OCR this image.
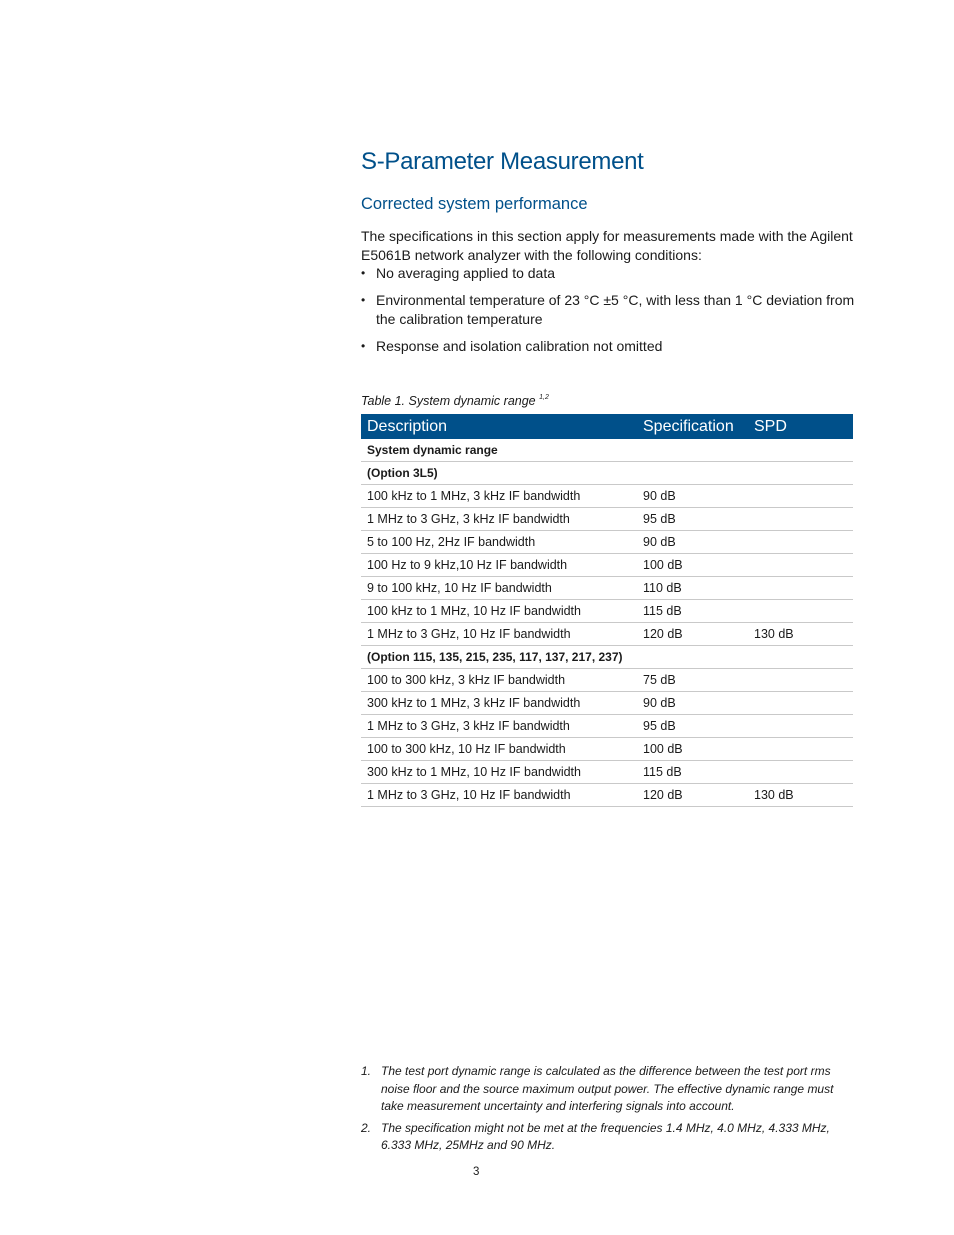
S-Parameter Measurement
Corrected system performance

The specifications in this section apply for measurements made with the Agilent E5061B network analyzer with the following conditions:

• No averaging applied to data
• Environmental temperature of 23 °C ±5 °C, with less than 1 °C deviation from the calibration temperature
• Response and isolation calibration not omitted

Table 1. System dynamic range $^{1,2}$

Description	Specification	SPD
System dynamic range		
(Option 3L5)		
100 kHz to 1 MHz, 3 kHz IF bandwidth	90 dB	
1 MHz to 3 GHz, 3 kHz IF bandwidth	95 dB	
5 to 100 Hz, 2Hz IF bandwidth	90 dB	
100 Hz to 9 kHz,10 Hz IF bandwidth	100 dB	
9 to 100 kHz, 10 Hz IF bandwidth	110 dB	
100 kHz to 1 MHz, 10 Hz IF bandwidth	115 dB	
1 MHz to 3 GHz, 10 Hz IF bandwidth	120 dB	130 dB
(Option 115, 135, 215, 235, 117, 137, 217, 237)		
100 to 300 kHz, 3 kHz IF bandwidth	75 dB	
300 kHz to 1 MHz, 3 kHz IF bandwidth	90 dB	
1 MHz to 3 GHz, 3 kHz IF bandwidth	95 dB	
100 to 300 kHz, 10 Hz IF bandwidth	100 dB	
300 kHz to 1 MHz, 10 Hz IF bandwidth	115 dB	
1 MHz to 3 GHz, 10 Hz IF bandwidth	120 dB	130 dB
1. The test port dynamic range is calculated as the difference between the test port rms noise floor and the source maximum output power. The effective dynamic range must take measurement uncertainty and interfering signals into account.
2. The specification might not be met at the frequencies 1.4 MHz, 4.0 MHz, 4.333 MHz, 6.333 MHz, 25MHz and 90 MHz.
3
